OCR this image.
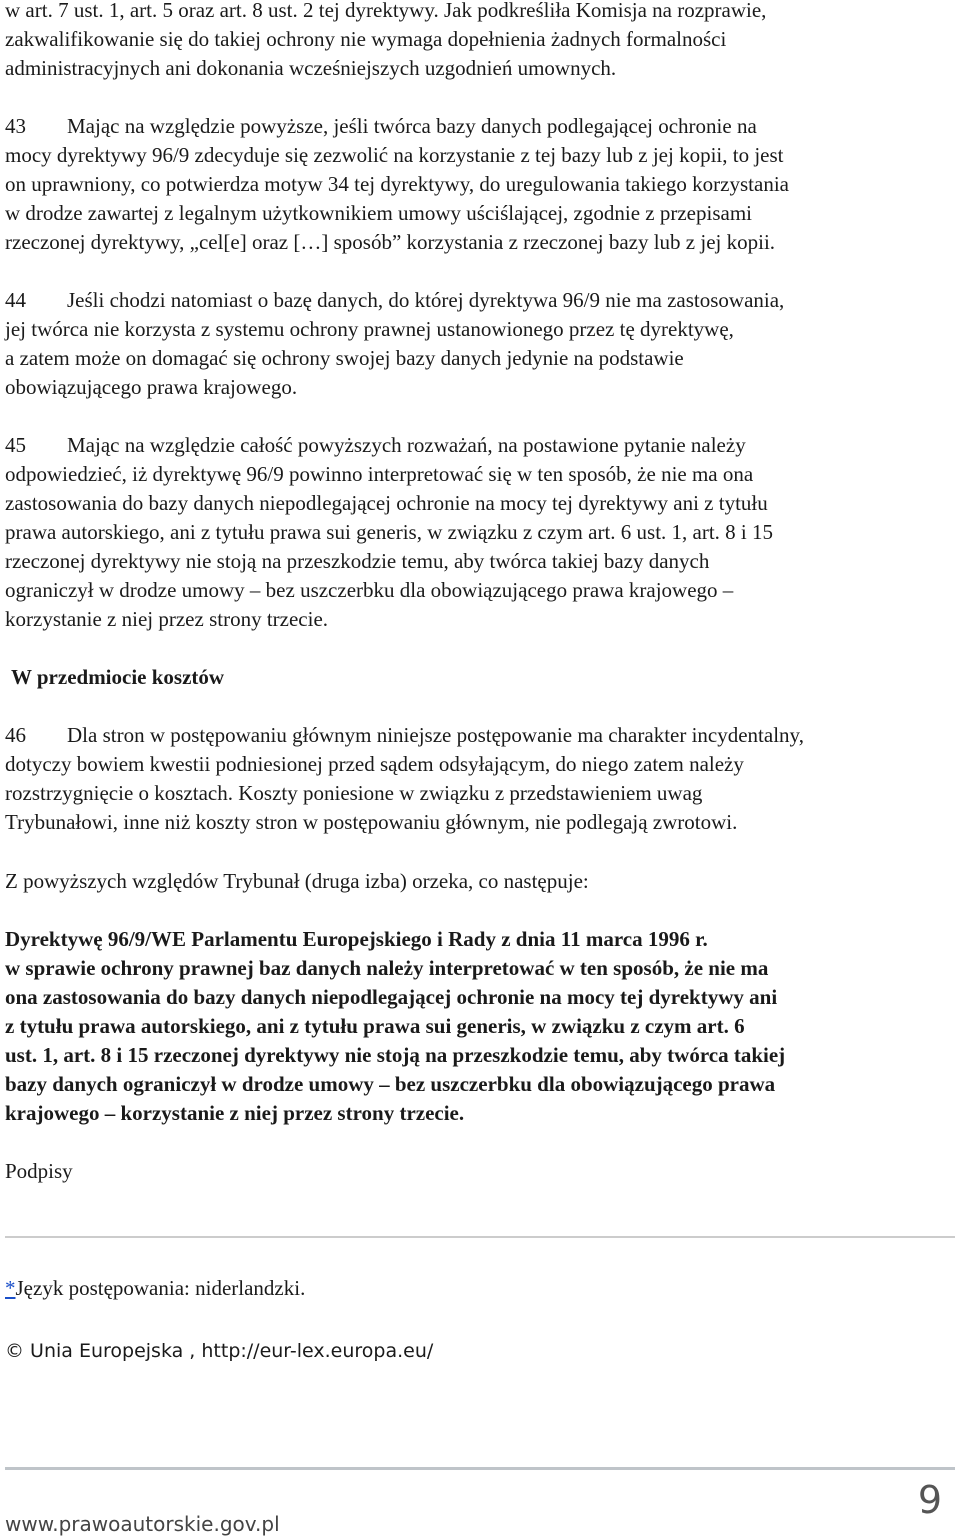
w art. 7 ust. 1, art. 5 oraz art. 8 ust. 2 tej dyrektywy. Jak podkreśliła Komisja na rozprawie,
zakwalifikowanie się do takiej ochrony nie wymaga dopełnienia żadnych formalności
administracyjnych ani dokonania wcześniejszych uzgodnień umownych.
43 Mając na względzie powyższe, jeśli twórca bazy danych podlegającej ochronie na
mocy dyrektywy 96/9 zdecyduje się zezwolić na korzystanie z tej bazy lub z jej kopii, to jest
on uprawniony, co potwierdza motyw 34 tej dyrektywy, do uregulowania takiego korzystania
w drodze zawartej z legalnym użytkownikiem umowy uściślającej, zgodnie z przepisami
rzeczonej dyrektywy, „cel[e] oraz […] sposób” korzystania z rzeczonej bazy lub z jej kopii.
44 Jeśli chodzi natomiast o bazę danych, do której dyrektywa 96/9 nie ma zastosowania,
jej twórca nie korzysta z systemu ochrony prawnej ustanowionego przez tę dyrektywę,
a zatem może on domagać się ochrony swojej bazy danych jedynie na podstawie
obowiązującego prawa krajowego.
45 Mając na względzie całość powyższych rozważań, na postawione pytanie należy
odpowiedzieć, iż dyrektywę 96/9 powinno interpretować się w ten sposób, że nie ma ona
zastosowania do bazy danych niepodlegającej ochronie na mocy tej dyrektywy ani z tytułu
prawa autorskiego, ani z tytułu prawa sui generis, w związku z czym art. 6 ust. 1, art. 8 i 15
rzeczonej dyrektywy nie stoją na przeszkodzie temu, aby twórca takiej bazy danych
ograniczył w drodze umowy – bez uszczerbku dla obowiązującego prawa krajowego –
korzystanie z niej przez strony trzecie.
W przedmiocie kosztów
46 Dla stron w postępowaniu głównym niniejsze postępowanie ma charakter incydentalny,
dotyczy bowiem kwestii podniesionej przed sądem odsyłającym, do niego zatem należy
rozstrzygnięcie o kosztach. Koszty poniesione w związku z przedstawieniem uwag
Trybunałowi, inne niż koszty stron w postępowaniu głównym, nie podlegają zwrotowi.
Z powyższych względów Trybunał (druga izba) orzeka, co następuje:
Dyrektywę 96/9/WE Parlamentu Europejskiego i Rady z dnia 11 marca 1996 r.
w sprawie ochrony prawnej baz danych należy interpretować w ten sposób, że nie ma
ona zastosowania do bazy danych niepodlegającej ochronie na mocy tej dyrektywy ani
z tytułu prawa autorskiego, ani z tytułu prawa sui generis, w związku z czym art. 6
ust. 1, art. 8 i 15 rzeczonej dyrektywy nie stoją na przeszkodzie temu, aby twórca takiej
bazy danych ograniczył w drodze umowy – bez uszczerbku dla obowiązującego prawa
krajowego – korzystanie z niej przez strony trzecie.
Podpisy
*Język postępowania: niderlandzki.
© Unia Europejska , http://eur-lex.europa.eu/
www.prawoautorskie.gov.pl
9
